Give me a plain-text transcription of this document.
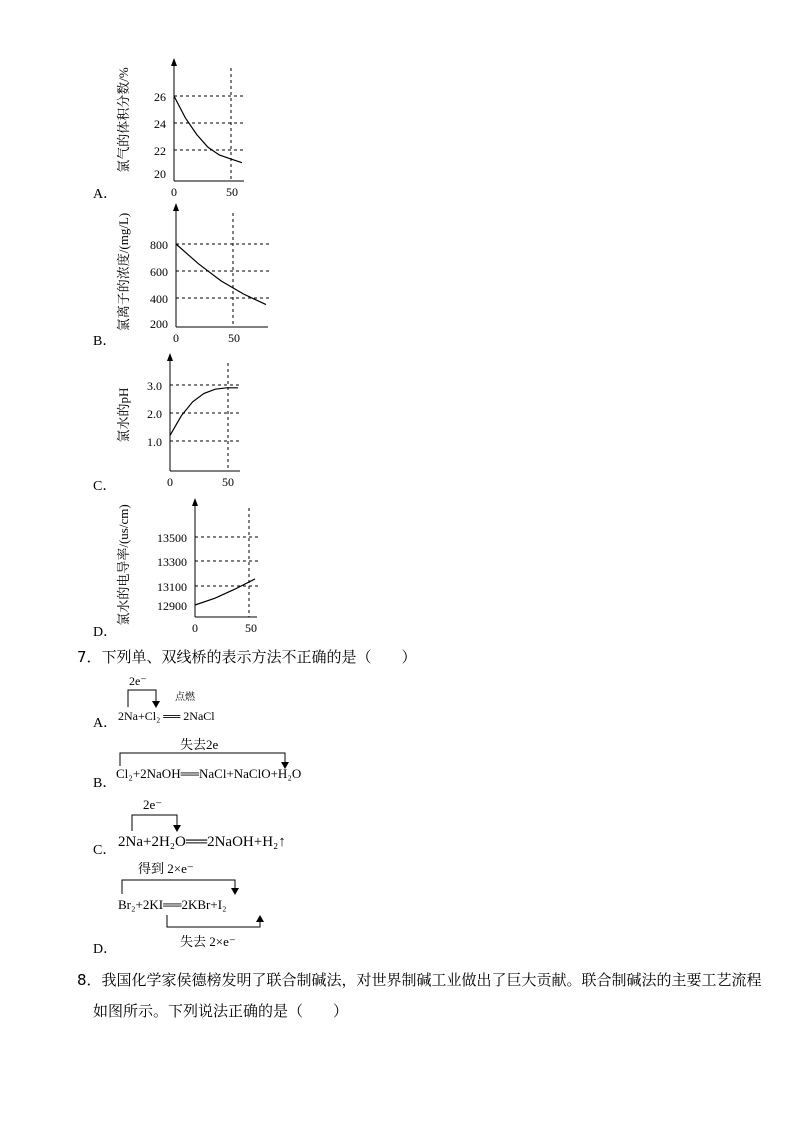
26
24
22
20
0	50
氯气的体积分数/%
800
600
400
200
0	50
氯离子的浓度/(mg/L)
3.0
2.0
1.0
0	50
氯水的pH
13500
13300
13100
12900
0	50
氯水的电导率/(us/cm)
A．
B．
C．
D．
7．下列单、双线桥的表示方法不正确的是（　　）
A．
2e⁻
点燃
2Na+Cl₂ ══ 2NaCl
B．
失去2e
Cl₂+2NaOH══NaCl+NaClO+H₂O
C．
2e⁻
2Na+2H₂O══2NaOH+H₂↑
D．
得到 2×e⁻
Br₂+2KI══2KBr+I₂
失去 2×e⁻
8．我国化学家侯德榜发明了联合制碱法，对世界制碱工业做出了巨大贡献。联合制碱法的主要工艺流程
如图所示。下列说法正确的是（　　）
